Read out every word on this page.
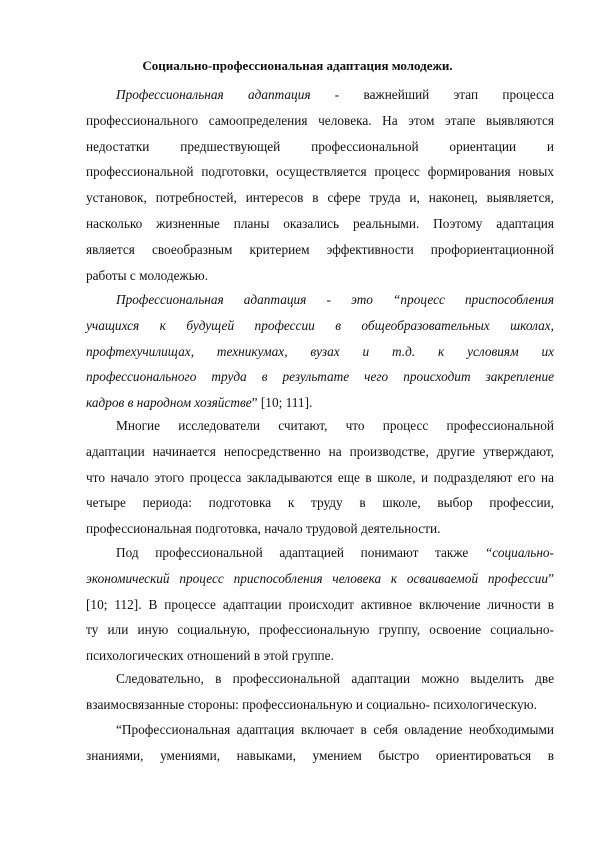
Социально-профессиональная адаптация молодежи.
Профессиональная адаптация - важнейший этап процесса
профессионального самоопределения человека. На этом этапе выявляются
недостатки предшествующей профессиональной ориентации и
профессиональной подготовки, осуществляется процесс формирования новых
установок, потребностей, интересов в сфере труда и, наконец, выявляется,
насколько жизненные планы оказались реальными. Поэтому адаптация
является своеобразным критерием эффективности профориентационной
работы с молодежью.
Профессиональная адаптация - это “процесс приспособления
учащихся к будущей профессии в общеобразовательных школах,
профтехучилищах, техникумах, вузах и т.д. к условиям их
профессионального труда в результате чего происходит закрепление
кадров в народном хозяйстве” [10; 111].
Многие исследователи считают, что процесс профессиональной
адаптации начинается непосредственно на производстве, другие утверждают,
что начало этого процесса закладываются еще в школе, и подразделяют его на
четыре периода: подготовка к труду в школе, выбор профессии,
профессиональная подготовка, начало трудовой деятельности.
Под профессиональной адаптацией понимают также “социально-
экономический процесс приспособления человека к осваиваемой профессии”
[10; 112]. В процессе адаптации происходит активное включение личности в
ту или иную социальную, профессиональную группу, освоение социально-
психологических отношений в этой группе.
Следовательно, в профессиональной адаптации можно выделить две
взаимосвязанные стороны: профессиональную и социально- психологическую.
“Профессиональная адаптация включает в себя овладение необходимыми
знаниями, умениями, навыками, умением быстро ориентироваться в
